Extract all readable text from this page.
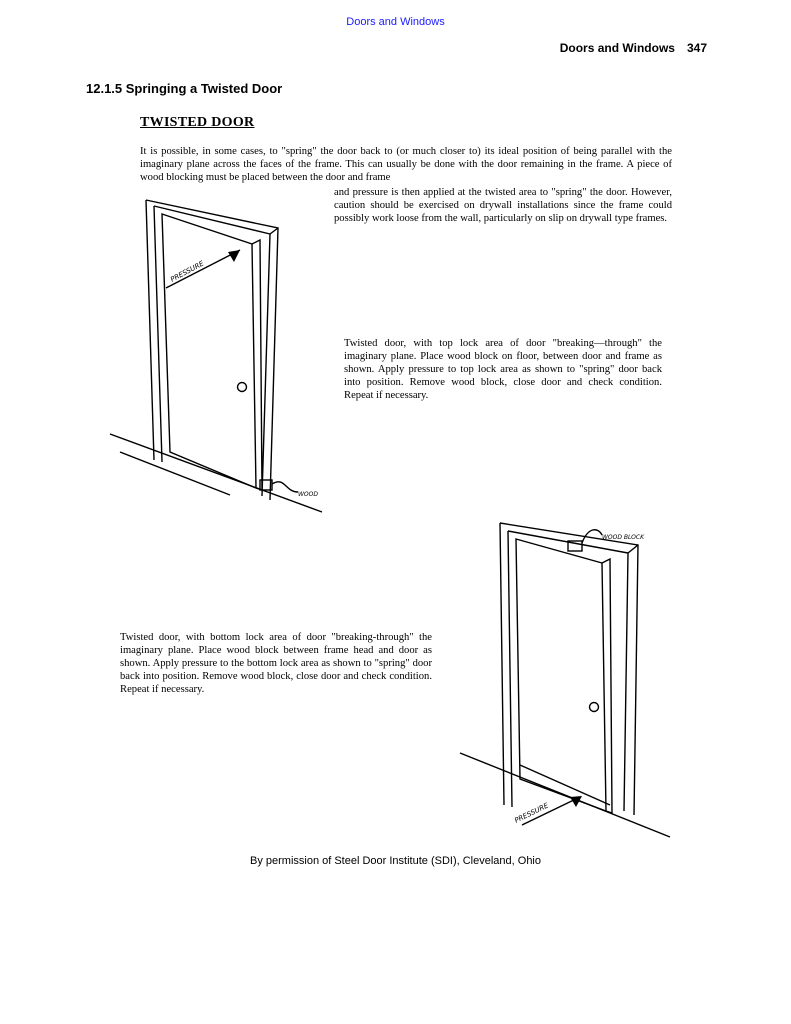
Doors and Windows
Doors and Windows 347
12.1.5 Springing a Twisted Door
TWISTED DOOR
It is possible, in some cases, to "spring" the door back to (or much closer to) its ideal position of being parallel with the imaginary plane across the faces of the frame. This can usually be done with the door remaining in the frame. A piece of wood blocking must be placed between the door and frame
and pressure is then applied at the twisted area to "spring" the door. However, caution should be exercised on drywall installations since the frame could possibly work loose from the wall, particularly on slip on drywall type frames.
PRESSURE
WOOD
Twisted door, with top lock area of door "breaking—through" the imaginary plane. Place wood block on floor, between door and frame as shown. Apply pressure to top lock area as shown to "spring" door back into position. Remove wood block, close door and check condition. Repeat if necessary.
WOOD BLOCK
PRESSURE
Twisted door, with bottom lock area of door "breaking-through" the imaginary plane. Place wood block between frame head and door as shown. Apply pressure to the bottom lock area as shown to "spring" door back into position. Remove wood block, close door and check condition. Repeat if necessary.
By permission of Steel Door Institute (SDI), Cleveland, Ohio
